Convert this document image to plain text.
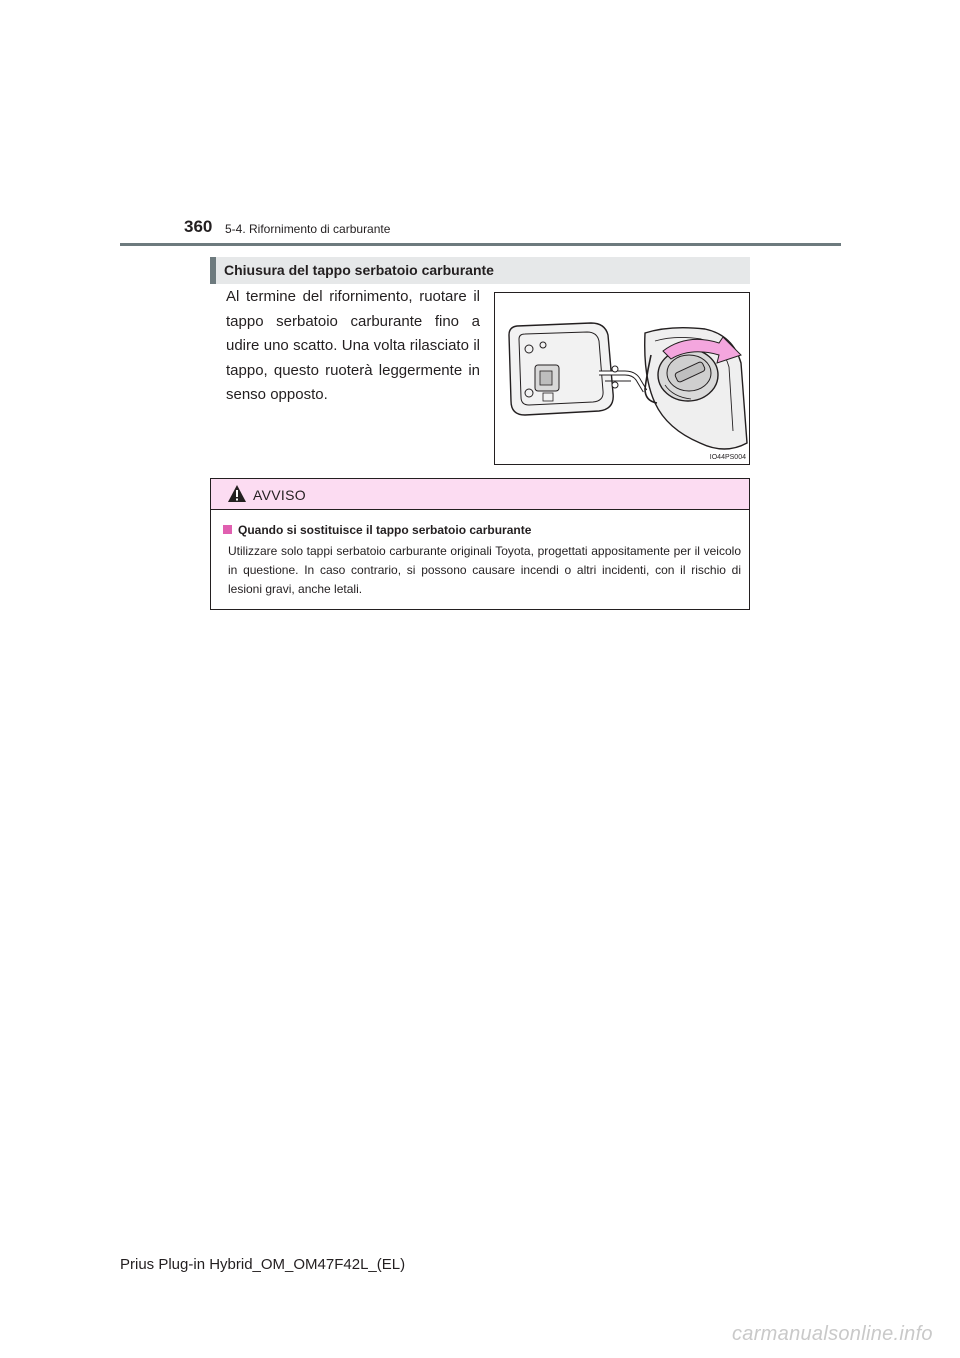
360 5-4. Rifornimento di carburante
Chiusura del tappo serbatoio carburante
Al termine del rifornimento, ruotare il tappo serbatoio carburante fino a udire uno scatto. Una volta rilasciato il tappo, questo ruoterà leggermente in senso opposto.
IO44PS004
AVVISO
Quando si sostituisce il tappo serbatoio carburante
Utilizzare solo tappi serbatoio carburante originali Toyota, progettati appositamente per il veicolo in questione. In caso contrario, si possono causare incendi o altri incidenti, con il rischio di lesioni gravi, anche letali.
Prius Plug-in Hybrid_OM_OM47F42L_(EL)
carmanualsonline.info
